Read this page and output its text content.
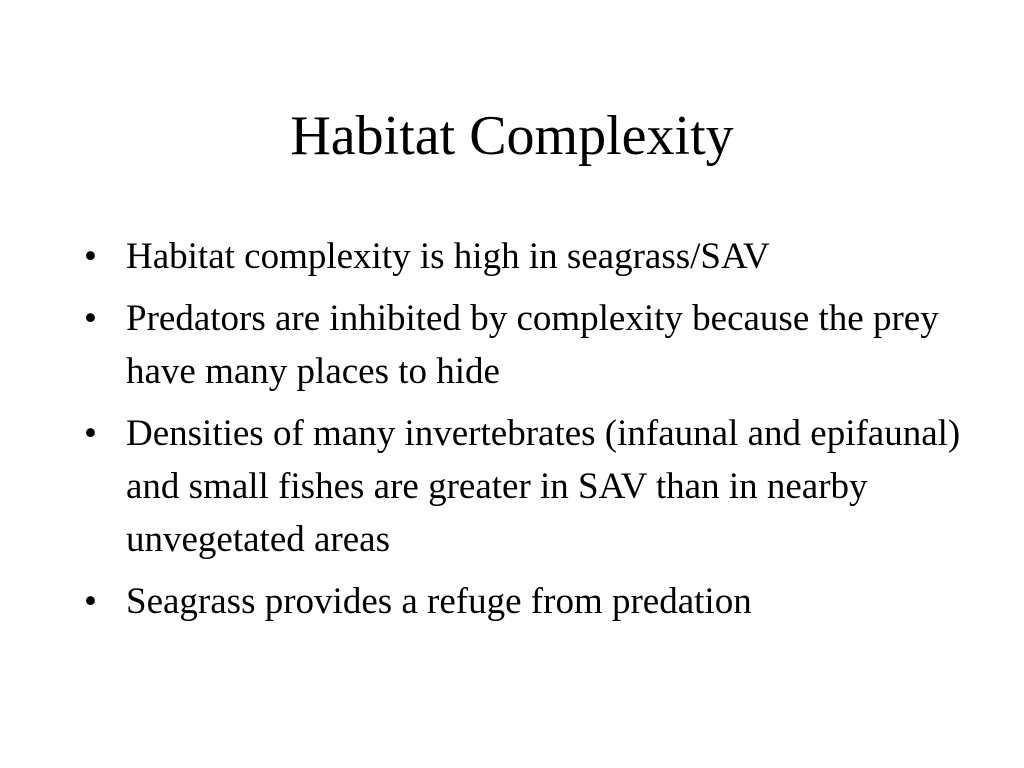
Habitat Complexity
• Habitat complexity is high in seagrass/SAV
• Predators are inhibited by complexity because the prey have many places to hide
• Densities of many invertebrates (infaunal and epifaunal) and small fishes are greater in SAV than in nearby unvegetated areas
• Seagrass provides a refuge from predation
